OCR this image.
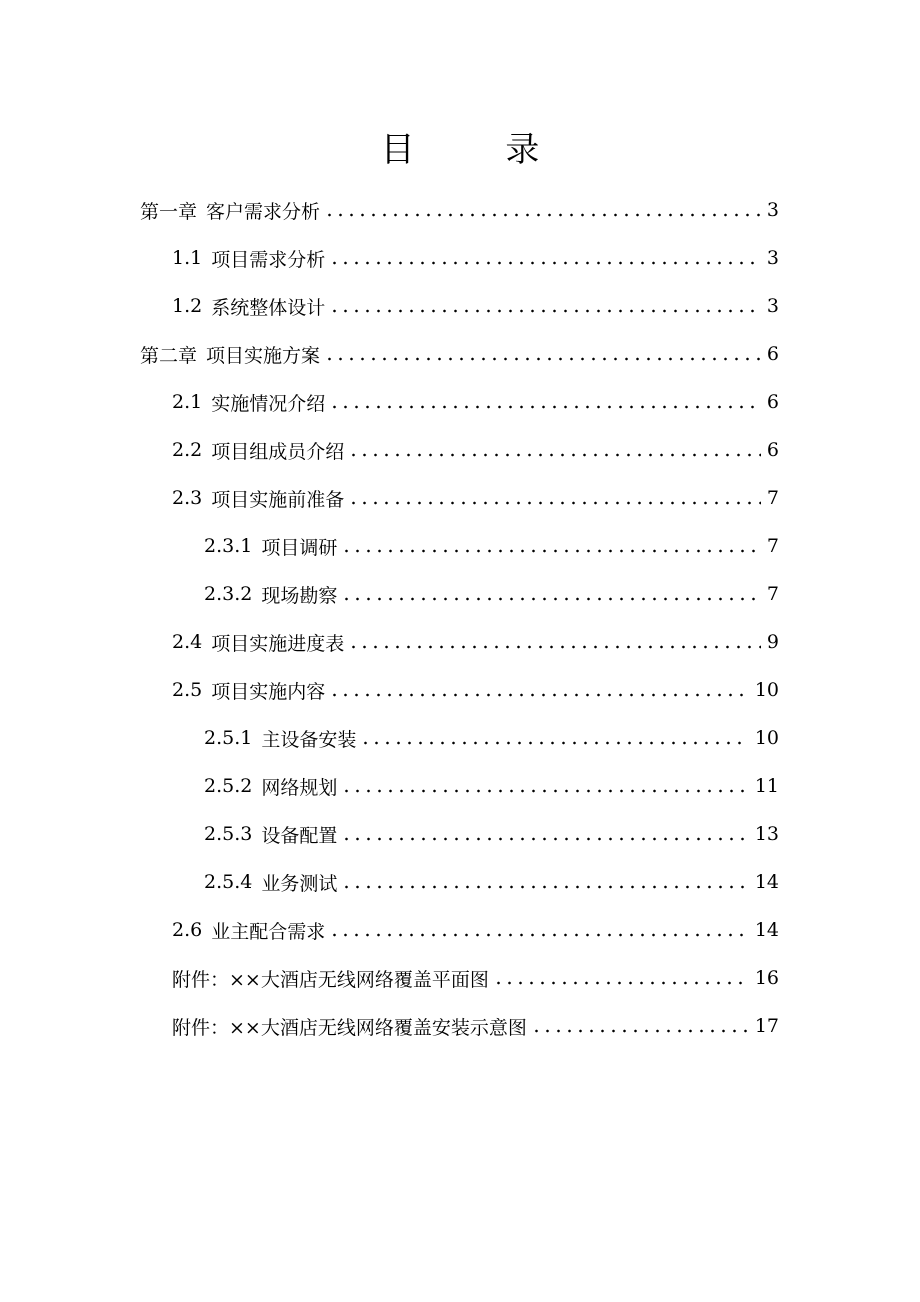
目 录
第一章 客户需求分析	3
1.1 项目需求分析	3
1.2 系统整体设计	3
第二章 项目实施方案	6
2.1 实施情况介绍	6
2.2 项目组成员介绍	6
2.3 项目实施前准备	7
2.3.1 项目调研	7
2.3.2 现场勘察	7
2.4 项目实施进度表	9
2.5 项目实施内容	10
2.5.1 主设备安装	10
2.5.2 网络规划	11
2.5.3 设备配置	13
2.5.4 业务测试	14
2.6 业主配合需求	14
附件：××大酒店无线网络覆盖平面图	16
附件：××大酒店无线网络覆盖安装示意图	17
